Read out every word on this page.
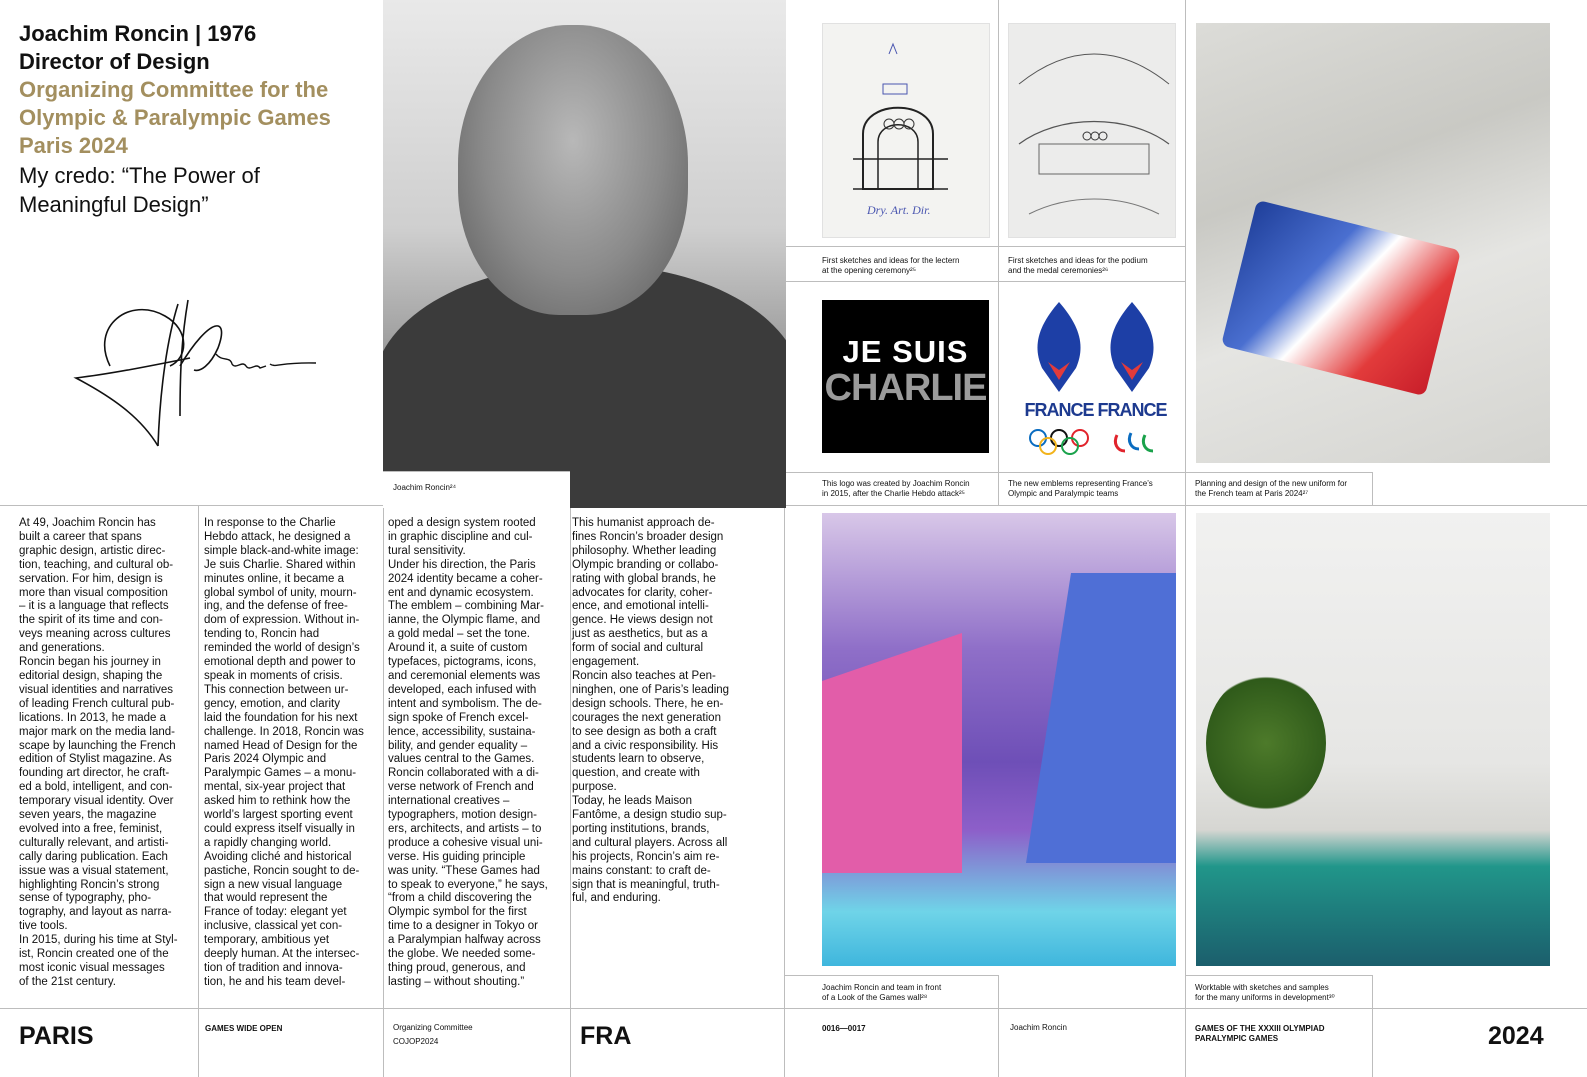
Joachim Roncin | 1976
Director of Design
Organizing Committee for the
Olympic & Paralympic Games
Paris 2024
My credo: “The Power of
Meaningful Design”
Joachim Roncin²⁴
Dry. Art. Dir.
First sketches and ideas for the lectern
at the opening ceremony²⁵
First sketches and ideas for the podium
and the medal ceremonies²⁶
Planning and design of the new uniform for
the French team at Paris 2024²⁷
JE SUIS
CHARLIE
This logo was created by Joachim Roncin
in 2015, after the Charlie Hebdo attack²⁵
FRANCE FRANCE
The new emblems representing France’s
Olympic and Paralympic teams
Joachim Roncin and team in front
of a Look of the Games wall²⁸
Worktable with sketches and samples
for the many uniforms in development³⁰
At 49, Joachim Roncin has
built a career that spans
graphic design, artistic direc-
tion, teaching, and cultural ob-
servation. For him, design is
more than visual composition
– it is a language that reflects
the spirit of its time and con-
veys meaning across cultures
and generations.
Roncin began his journey in
editorial design, shaping the
visual identities and narratives
of leading French cultural pub-
lications. In 2013, he made a
major mark on the media land-
scape by launching the French
edition of Stylist magazine. As
founding art director, he craft-
ed a bold, intelligent, and con-
temporary visual identity. Over
seven years, the magazine
evolved into a free, feminist,
culturally relevant, and artisti-
cally daring publication. Each
issue was a visual statement,
highlighting Roncin’s strong
sense of typography, pho-
tography, and layout as narra-
tive tools.
In 2015, during his time at Styl-
ist, Roncin created one of the
most iconic visual messages
of the 21st century.
In response to the Charlie
Hebdo attack, he designed a
simple black-and-white image:
Je suis Charlie. Shared within
minutes online, it became a
global symbol of unity, mourn-
ing, and the defense of free-
dom of expression. Without in-
tending to, Roncin had
reminded the world of design’s
emotional depth and power to
speak in moments of crisis.
This connection between ur-
gency, emotion, and clarity
laid the foundation for his next
challenge. In 2018, Roncin was
named Head of Design for the
Paris 2024 Olympic and
Paralympic Games – a monu-
mental, six-year project that
asked him to rethink how the
world’s largest sporting event
could express itself visually in
a rapidly changing world.
Avoiding cliché and historical
pastiche, Roncin sought to de-
sign a new visual language
that would represent the
France of today: elegant yet
inclusive, classical yet con-
temporary, ambitious yet
deeply human. At the intersec-
tion of tradition and innova-
tion, he and his team devel-
oped a design system rooted
in graphic discipline and cul-
tural sensitivity.
Under his direction, the Paris
2024 identity became a coher-
ent and dynamic ecosystem.
The emblem – combining Mar-
ianne, the Olympic flame, and
a gold medal – set the tone.
Around it, a suite of custom
typefaces, pictograms, icons,
and ceremonial elements was
developed, each infused with
intent and symbolism. The de-
sign spoke of French excel-
lence, accessibility, sustaina-
bility, and gender equality –
values central to the Games.
Roncin collaborated with a di-
verse network of French and
international creatives –
typographers, motion design-
ers, architects, and artists – to
produce a cohesive visual uni-
verse. His guiding principle
was unity. “These Games had
to speak to everyone,” he says,
“from a child discovering the
Olympic symbol for the first
time to a designer in Tokyo or
a Paralympian halfway across
the globe. We needed some-
thing proud, generous, and
lasting – without shouting.”
This humanist approach de-
fines Roncin’s broader design
philosophy. Whether leading
Olympic branding or collabo-
rating with global brands, he
advocates for clarity, coher-
ence, and emotional intelli-
gence. He views design not
just as aesthetics, but as a
form of social and cultural
engagement.
Roncin also teaches at Pen-
ninghen, one of Paris’s leading
design schools. There, he en-
courages the next generation
to see design as both a craft
and a civic responsibility. His
students learn to observe,
question, and create with
purpose.
Today, he leads Maison
Fantôme, a design studio sup-
porting institutions, brands,
and cultural players. Across all
his projects, Roncin’s aim re-
mains constant: to craft de-
sign that is meaningful, truth-
ful, and enduring.
PARIS	GAMES WIDE OPEN	Organizing Committee
COJOP2024	FRA	0016—0017	Joachim Roncin	GAMES OF THE XXXIII OLYMPIAD
PARALYMPIC GAMES	2024
